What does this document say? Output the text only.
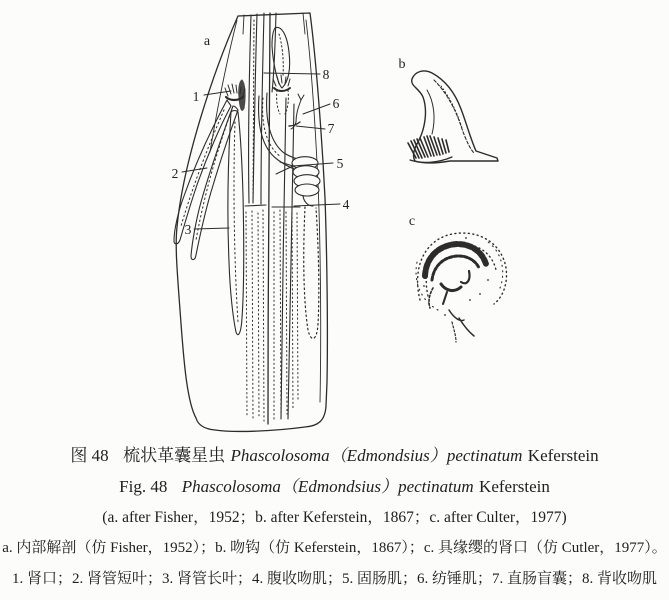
a
b
c
1
2
3
4
5
6
7
8
图 48 梳状革囊星虫 Phascolosoma（Edmondsius）pectinatum Keferstein
Fig. 48 Phascolosoma（Edmondsius）pectinatum Keferstein
(a. after Fisher，1952；b. after Keferstein，1867；c. after Culter，1977)
a. 内部解剖（仿 Fisher，1952）；b. 吻钩（仿 Keferstein，1867）；c. 具缘缨的肾口（仿 Cutler，1977）。
1. 肾口；2. 肾管短叶；3. 肾管长叶；4. 腹收吻肌；5. 固肠肌；6. 纺锤肌；7. 直肠盲囊；8. 背收吻肌
